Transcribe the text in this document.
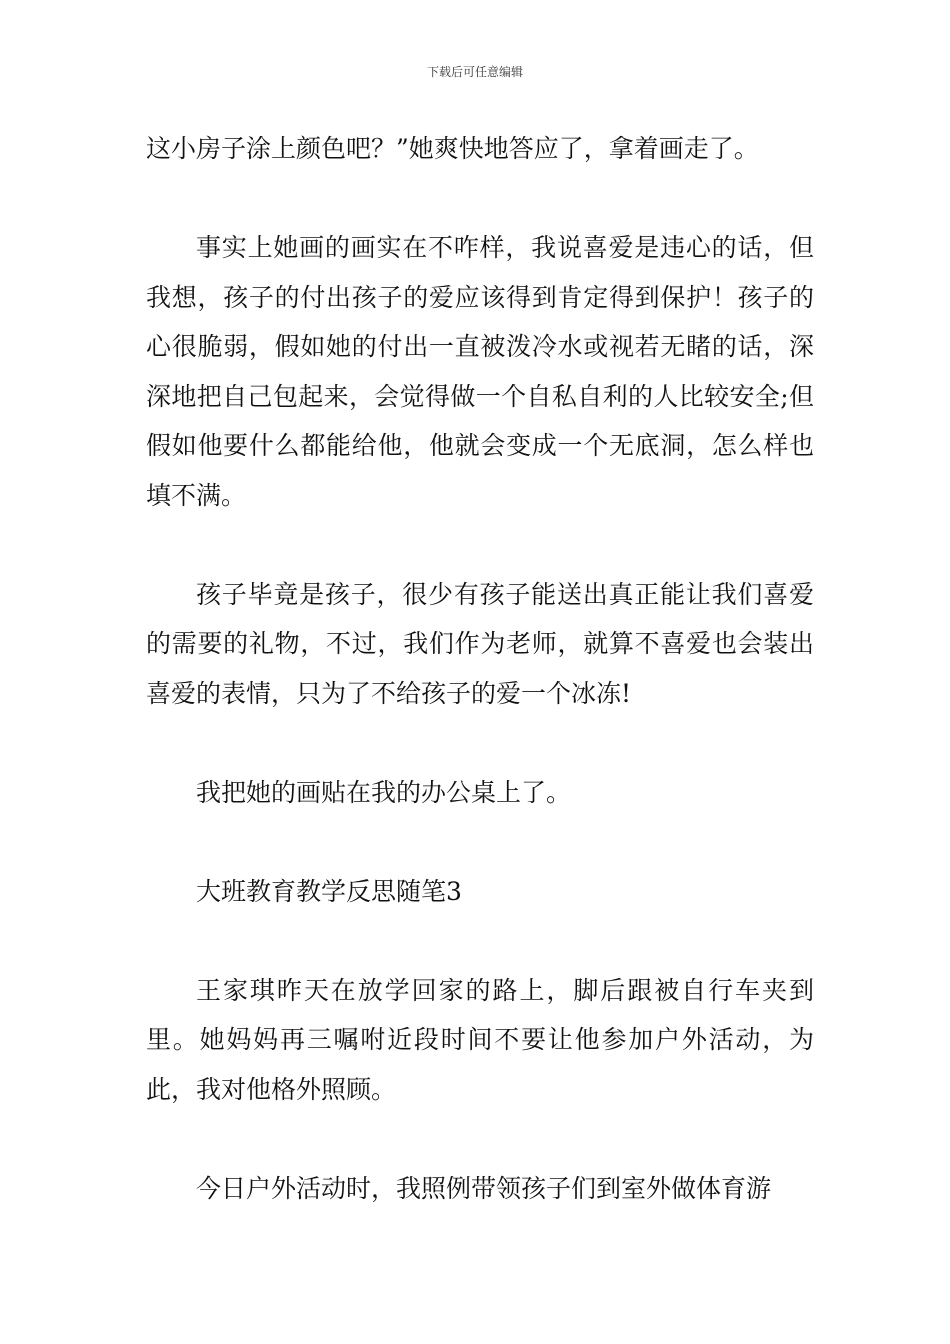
下载后可任意编辑

这小房子涂上颜色吧？”她爽快地答应了，拿着画走了。

事实上她画的画实在不咋样，我说喜爱是违心的话，但我想，孩子的付出孩子的爱应该得到肯定得到保护！孩子的心很脆弱，假如她的付出一直被泼冷水或视若无睹的话，深深地把自己包起来，会觉得做一个自私自利的人比较安全;但假如他要什么都能给他，他就会变成一个无底洞，怎么样也填不满。

孩子毕竟是孩子，很少有孩子能送出真正能让我们喜爱的需要的礼物，不过，我们作为老师，就算不喜爱也会装出喜爱的表情，只为了不给孩子的爱一个冰冻!

我把她的画贴在我的办公桌上了。

大班教育教学反思随笔3

王家琪昨天在放学回家的路上，脚后跟被自行车夹到里。她妈妈再三嘱咐近段时间不要让他参加户外活动，为此，我对他格外照顾。

今日户外活动时，我照例带领孩子们到室外做体育游
